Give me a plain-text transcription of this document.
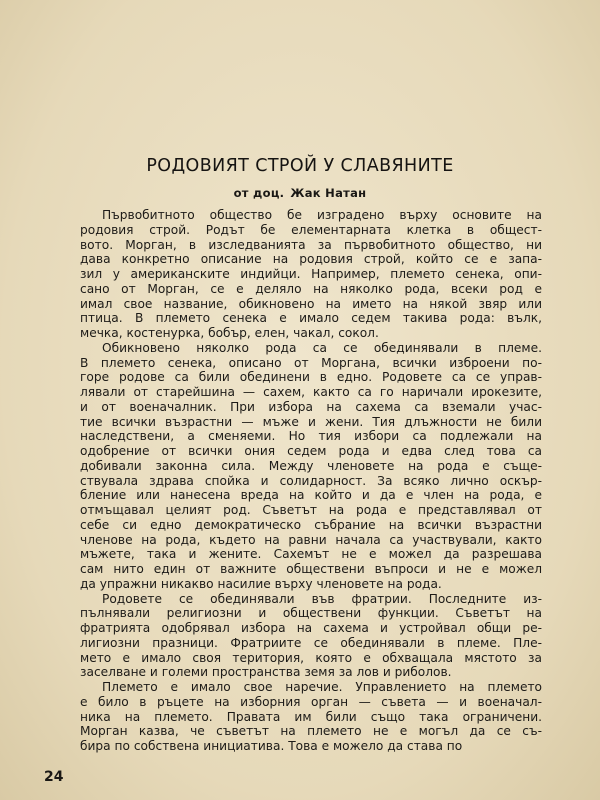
РОДОВИЯТ СТРОЙ У СЛАВЯНИТЕ
от доц. Жак Натан
Първобитното общество бе изградено върху основите на
родовия строй. Родът бе елементарната клетка в общест-
вото. Морган, в изследванията за първобитното общество, ни
дава конкретно описание на родовия строй, който се е запа-
зил у американските индийци. Например, племето сенека, опи-
сано от Морган, се е деляло на няколко рода, всеки род е
имал свое название, обикновено на името на някой звяр или
птица. В племето сенека е имало седем такива рода: вълк,
мечка, костенурка, бобър, елен, чакал, сокол.
Обикновено няколко рода са се обединявали в племе.
В племето сенека, описано от Моргана, всички изброени по-
горе родове са били обединени в едно. Родовете са се управ-
лявали от старейшина — сахем, както са го наричали ирокезите,
и от военачалник. При избора на сахема са вземали учас-
тие всички възрастни — мъже и жени. Тия длъжности не били
наследствени, а сменяеми. Но тия избори са подлежали на
одобрение от всички ония седем рода и едва след това са
добивали законна сила. Между членовете на рода е съще-
ствувала здрава спойка и солидарност. За всяко лично оскър-
бление или нанесена вреда на който и да е член на рода, е
отмъщавал целият род. Съветът на рода е представлявал от
себе си едно демократическо събрание на всички възрастни
членове на рода, където на равни начала са участвували, както
мъжете, така и жените. Сахемът не е можел да разрешава
сам нито един от важните обществени въпроси и не е можел
да упражни никакво насилие върху членовете на рода.
Родовете се обединявали във фратрии. Последните из-
пълнявали религиозни и обществени функции. Съветът на
фратрията одобрявал избора на сахема и устройвал общи ре-
лигиозни празници. Фратриите се обединявали в племе. Пле-
мето е имало своя територия, която е обхващала мястото за
заселване и големи пространства земя за лов и риболов.
Племето е имало свое наречие. Управлението на племето
е било в ръцете на изборния орган — съвета — и военачал-
ника на племето. Правата им били също така ограничени.
Морган казва, че съветът на племето не е могъл да се съ-
бира по собствена инициатива. Това е можело да става по
24
